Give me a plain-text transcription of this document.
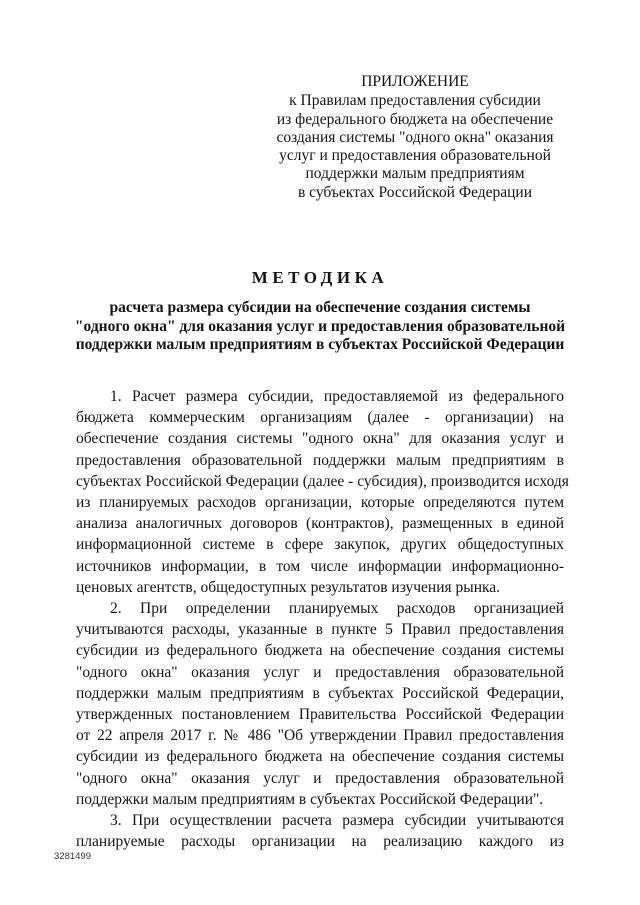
ПРИЛОЖЕНИЕ
к Правилам предоставления субсидии
из федерального бюджета на обеспечение
создания системы "одного окна" оказания
услуг и предоставления образовательной
поддержки малым предприятиям
в субъектах Российской Федерации
МЕТОДИКА
расчета размера субсидии на обеспечение создания системы
"одного окна" для оказания услуг и предоставления образовательной
поддержки малым предприятиям в субъектах Российской Федерации

1. Расчет размера субсидии, предоставляемой из федерального
бюджета коммерческим организациям (далее - организации) на
обеспечение создания системы "одного окна" для оказания услуг и
предоставления образовательной поддержки малым предприятиям в
субъектах Российской Федерации (далее - субсидия), производится исходя
из планируемых расходов организации, которые определяются путем
анализа аналогичных договоров (контрактов), размещенных в единой
информационной системе в сфере закупок, других общедоступных
источников информации, в том числе информации информационно-
ценовых агентств, общедоступных результатов изучения рынка.

2. При определении планируемых расходов организацией
учитываются расходы, указанные в пункте 5 Правил предоставления
субсидии из федерального бюджета на обеспечение создания системы
"одного окна" оказания услуг и предоставления образовательной
поддержки малым предприятиям в субъектах Российской Федерации,
утвержденных постановлением Правительства Российской Федерации
от 22 апреля 2017 г. № 486 "Об утверждении Правил предоставления
субсидии из федерального бюджета на обеспечение создания системы
"одного окна" оказания услуг и предоставления образовательной
поддержки малым предприятиям в субъектах Российской Федерации".

3. При осуществлении расчета размера субсидии учитываются
планируемые расходы организации на реализацию каждого из

3281499
